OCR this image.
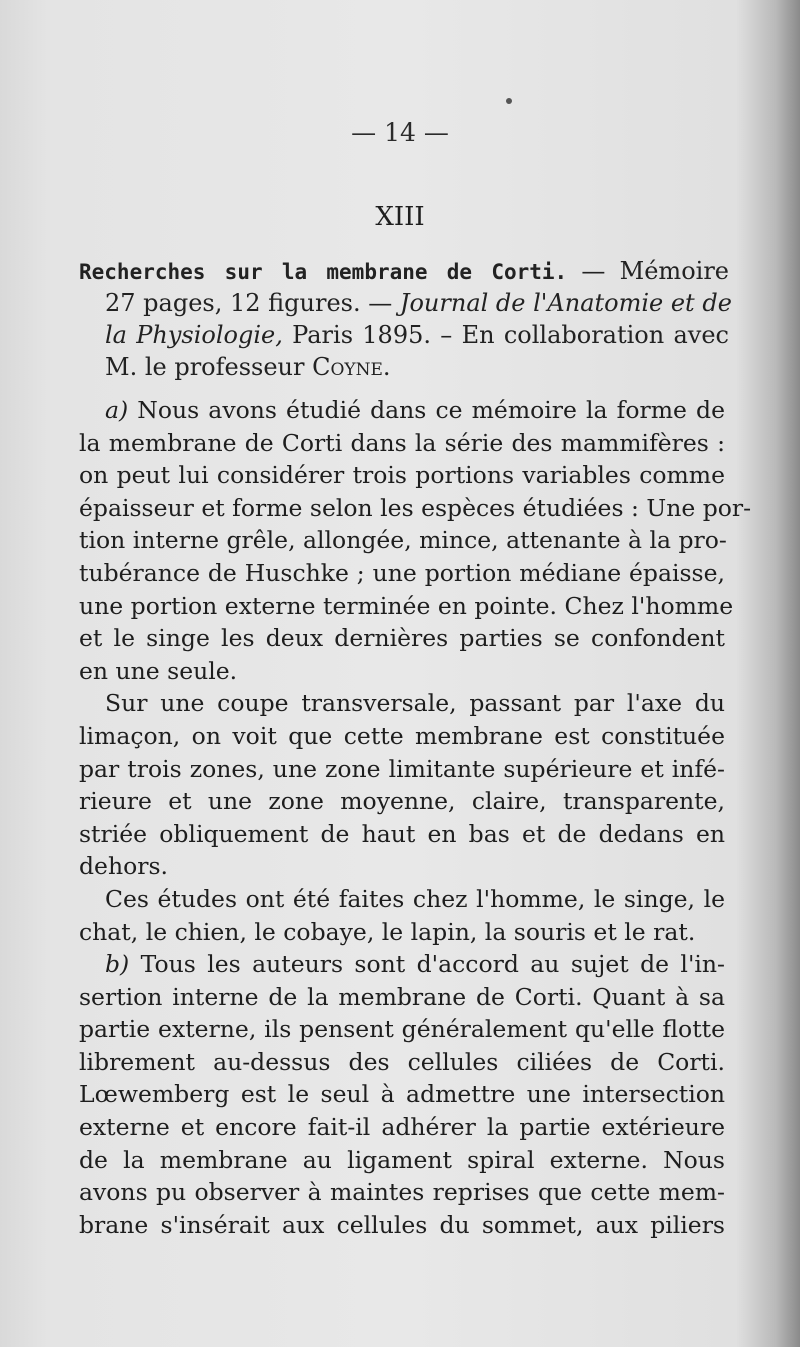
— 14 —
XIII
Recherches sur la membrane de Corti. — Mémoire
27 pages, 12 figures. — Journal de l'Anatomie et de
la Physiologie, Paris 1895. – En collaboration avec
M. le professeur Coyne.
a) Nous avons étudié dans ce mémoire la forme de
la membrane de Corti dans la série des mammifères :
on peut lui considérer trois portions variables comme
épaisseur et forme selon les espèces étudiées : Une por-
tion interne grêle, allongée, mince, attenante à la pro-
tubérance de Huschke ; une portion médiane épaisse,
une portion externe terminée en pointe. Chez l'homme
et le singe les deux dernières parties se confondent
en une seule.
Sur une coupe transversale, passant par l'axe du
limaçon, on voit que cette membrane est constituée
par trois zones, une zone limitante supérieure et infé-
rieure et une zone moyenne, claire, transparente,
striée obliquement de haut en bas et de dedans en
dehors.
Ces études ont été faites chez l'homme, le singe, le
chat, le chien, le cobaye, le lapin, la souris et le rat.
b) Tous les auteurs sont d'accord au sujet de l'in-
sertion interne de la membrane de Corti. Quant à sa
partie externe, ils pensent généralement qu'elle flotte
librement au-dessus des cellules ciliées de Corti.
Lœwemberg est le seul à admettre une intersection
externe et encore fait-il adhérer la partie extérieure
de la membrane au ligament spiral externe. Nous
avons pu observer à maintes reprises que cette mem-
brane s'insérait aux cellules du sommet, aux piliers
